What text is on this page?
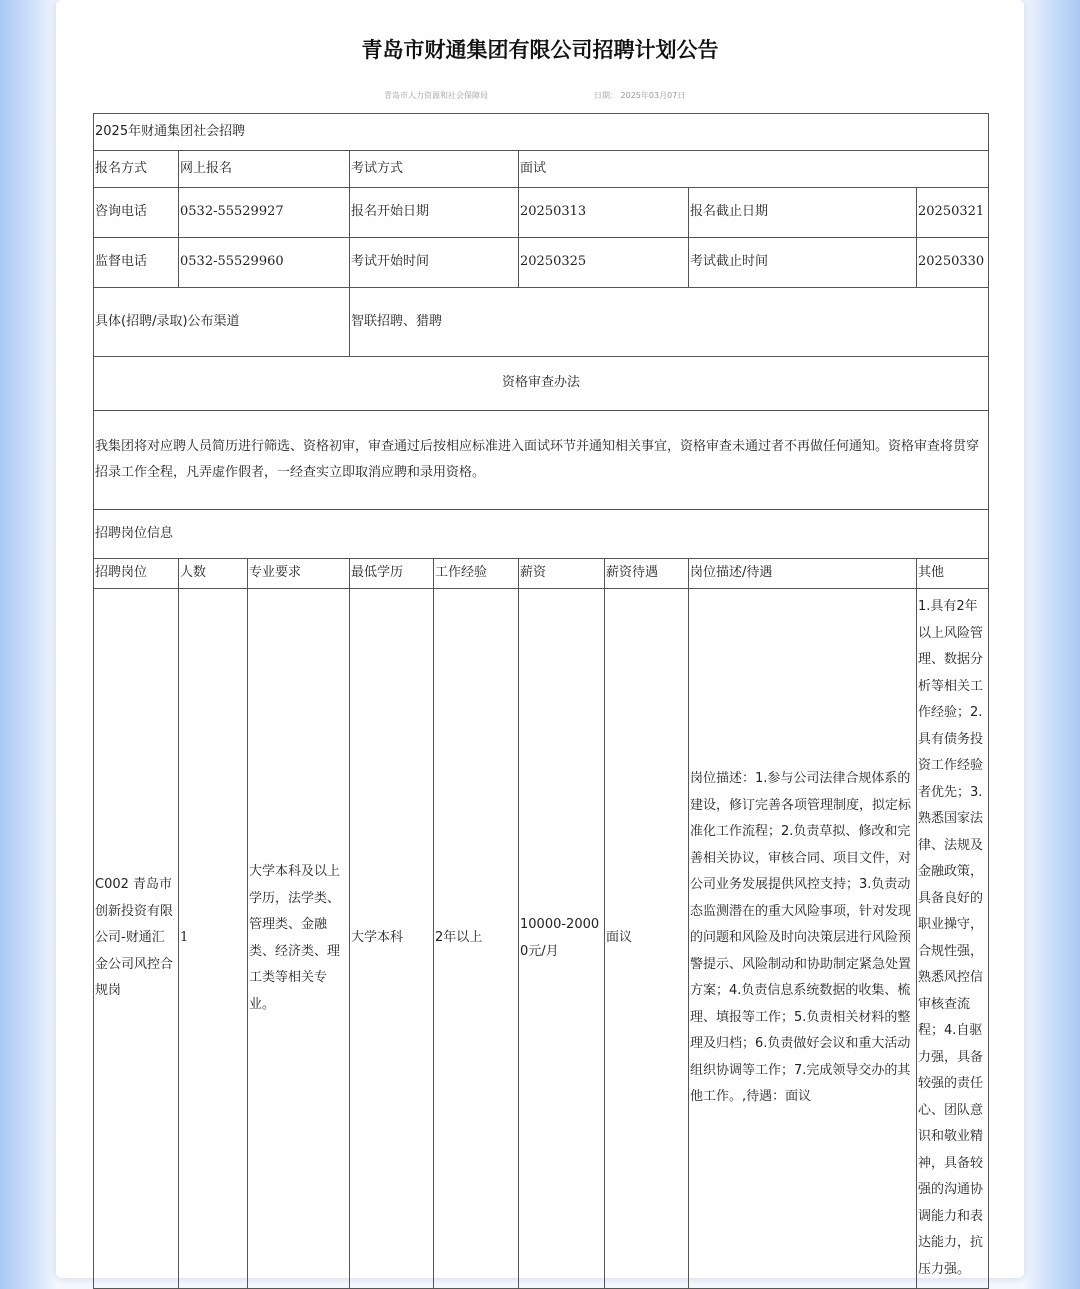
青岛市财通集团有限公司招聘计划公告
青岛市人力资源和社会保障局	日期： 2025年03月07日
2025年财通集团社会招聘								
报名方式	网上报名		考试方式		面试			
咨询电话	0532-55529927		报名开始日期		20250313		报名截止日期	20250321
监督电话	0532-55529960		考试开始时间		20250325		考试截止时间	20250330
具体(招聘/录取)公布渠道			智联招聘、猎聘					
资格审查办法								
我集团将对应聘人员简历进行筛选、资格初审，审查通过后按相应标准进入面试环节并通知相关事宜，资格审查未通过者不再做任何通知。资格审查将贯穿招录工作全程，凡弄虚作假者，一经查实立即取消应聘和录用资格。								
招聘岗位信息								
招聘岗位	人数	专业要求	最低学历	工作经验	薪资	薪资待遇	岗位描述/待遇	其他
C002 青岛市创新投资有限公司-财通汇金公司风控合规岗	1	大学本科及以上学历，法学类、管理类、金融类、经济类、理工类等相关专业。	大学本科	2年以上	10000-20000元/月	面议	岗位描述：1.参与公司法律合规体系的建设，修订完善各项管理制度，拟定标准化工作流程；2.负责草拟、修改和完善相关协议，审核合同、项目文件，对公司业务发展提供风控支持；3.负责动态监测潜在的重大风险事项，针对发现的问题和风险及时向决策层进行风险预警提示、风险制动和协助制定紧急处置方案；4.负责信息系统数据的收集、梳理、填报等工作；5.负责相关材料的整理及归档；6.负责做好会议和重大活动组织协调等工作；7.完成领导交办的其他工作。,待遇：面议	1.具有2年以上风险管理、数据分析等相关工作经验；2.具有债务投资工作经验者优先；3.熟悉国家法律、法规及金融政策，具备良好的职业操守，合规性强，熟悉风控信审核查流程；4.自驱力强，具备较强的责任心、团队意识和敬业精神，具备较强的沟通协调能力和表达能力，抗压力强。
